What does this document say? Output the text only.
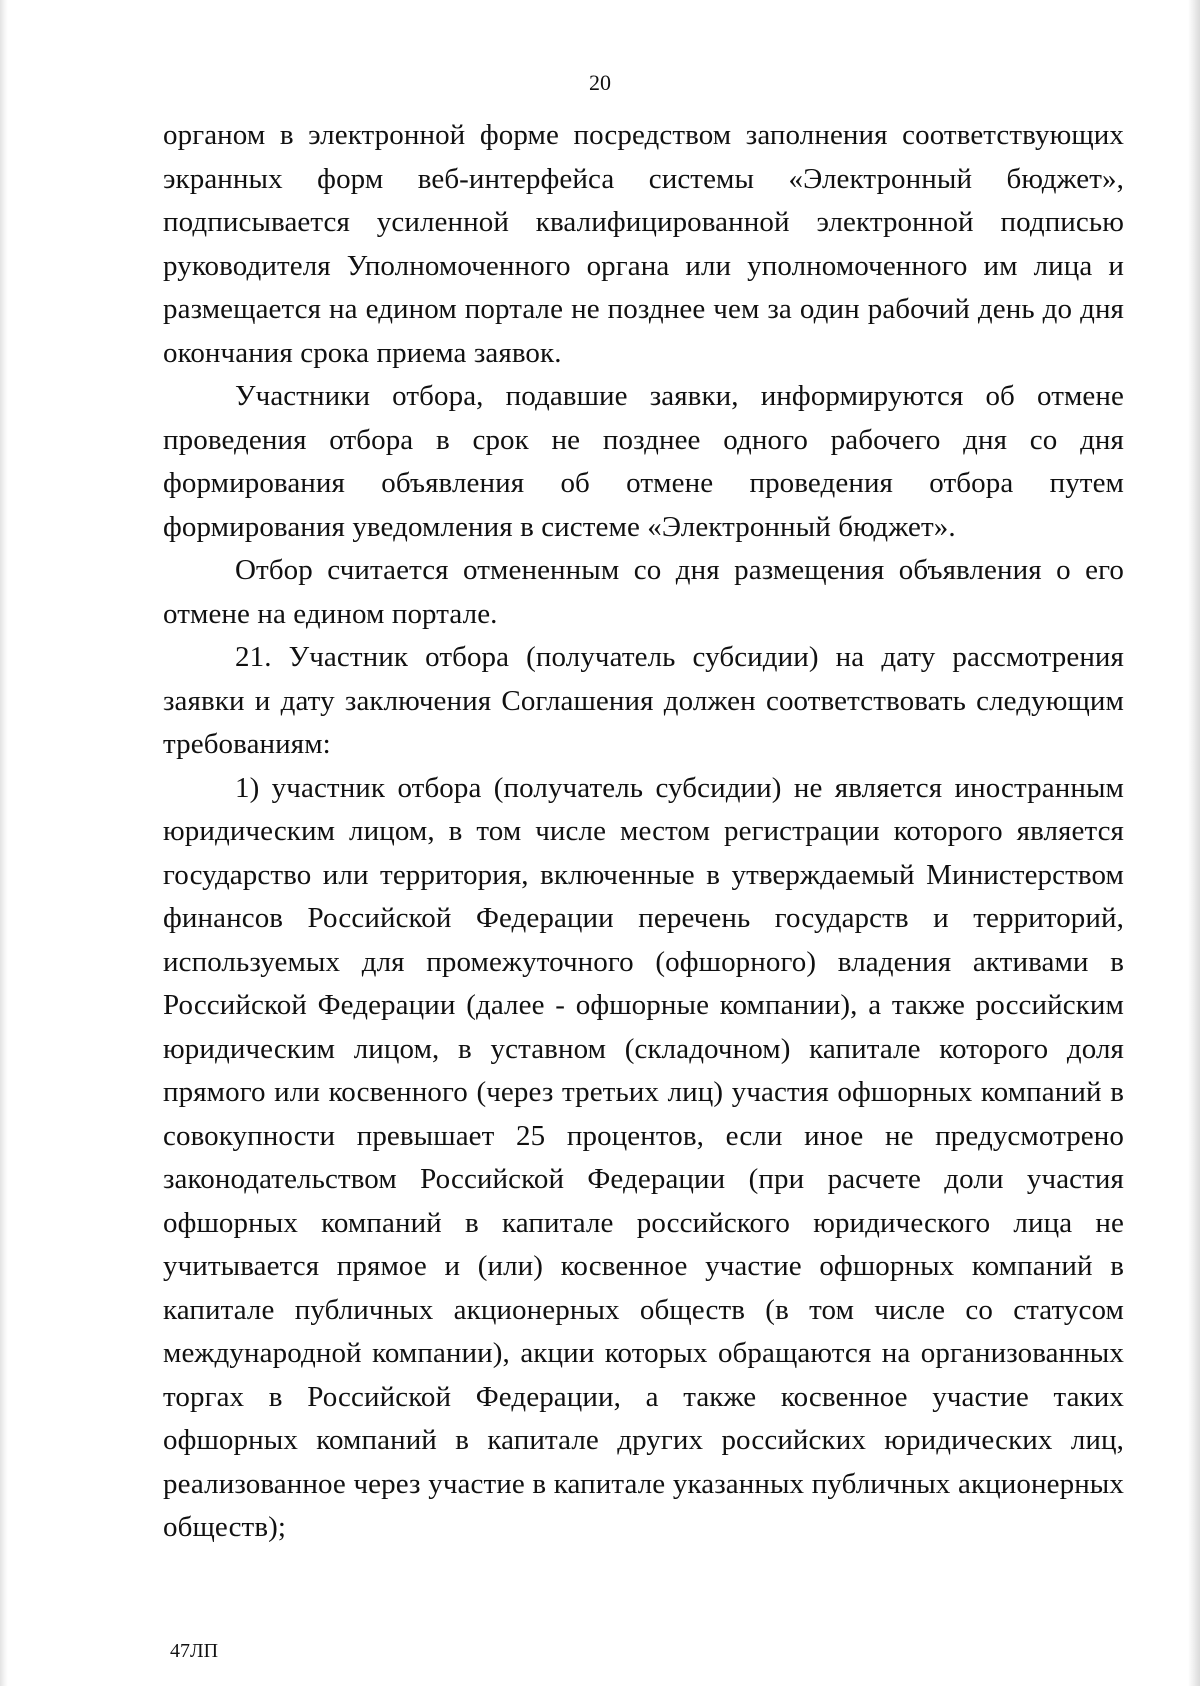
20

органом в электронной форме посредством заполнения соответствующих экранных форм веб-интерфейса системы «Электронный бюджет», подписывается усиленной квалифицированной электронной подписью руководителя Уполномоченного органа или уполномоченного им лица и размещается на едином портале не позднее чем за один рабочий день до дня окончания срока приема заявок.

Участники отбора, подавшие заявки, информируются об отмене проведения отбора в срок не позднее одного рабочего дня со дня формирования объявления об отмене проведения отбора путем формирования уведомления в системе «Электронный бюджет».

Отбор считается отмененным со дня размещения объявления о его отмене на едином портале.

21. Участник отбора (получатель субсидии) на дату рассмотрения заявки и дату заключения Соглашения должен соответствовать следующим требованиям:

1) участник отбора (получатель субсидии) не является иностранным юридическим лицом, в том числе местом регистрации которого является государство или территория, включенные в утверждаемый Министерством финансов Российской Федерации перечень государств и территорий, используемых для промежуточного (офшорного) владения активами в Российской Федерации (далее - офшорные компании), а также российским юридическим лицом, в уставном (складочном) капитале которого доля прямого или косвенного (через третьих лиц) участия офшорных компаний в совокупности превышает 25 процентов, если иное не предусмотрено законодательством Российской Федерации (при расчете доли участия офшорных компаний в капитале российского юридического лица не учитывается прямое и (или) косвенное участие офшорных компаний в капитале публичных акционерных обществ (в том числе со статусом международной компании), акции которых обращаются на организованных торгах в Российской Федерации, а также косвенное участие таких офшорных компаний в капитале других российских юридических лиц, реализованное через участие в капитале указанных публичных акционерных обществ);

47ЛП
